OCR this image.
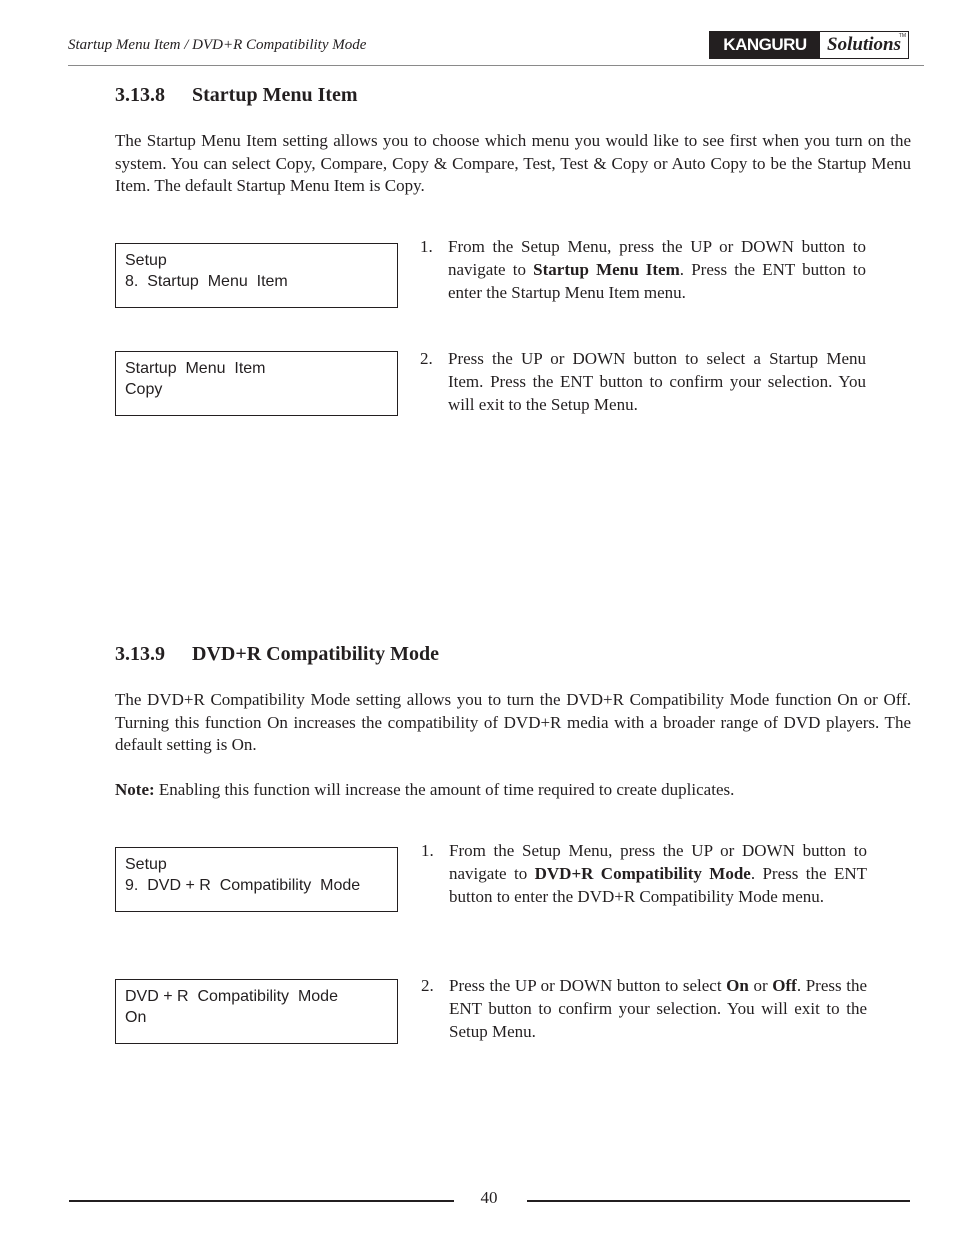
Startup Menu Item / DVD+R Compatibility Mode	KANGURU	Solutions
TM
3.13.8 Startup Menu Item

The Startup Menu Item setting allows you to choose which menu you would like to see first when you turn on the system. You can select Copy, Compare, Copy & Compare, Test, Test & Copy or Auto Copy to be the Startup Menu Item. The default Startup Menu Item is Copy.

Setup
8.  Startup  Menu  Item
1. From the Setup Menu, press the UP or DOWN button to navigate to Startup Menu Item. Press the ENT button to enter the Startup Menu Item menu.
Startup  Menu  Item
Copy
2. Press the UP or DOWN button to select a Startup Menu Item. Press the ENT button to confirm your selection. You will exit to the Setup Menu.
3.13.9 DVD+R Compatibility Mode

The DVD+R Compatibility Mode setting allows you to turn the DVD+R Compatibility Mode function On or Off. Turning this function On increases the compatibility of DVD+R media with a broader range of DVD players. The default setting is On.

Note: Enabling this function will increase the amount of time required to create duplicates.

Setup
9.  DVD + R  Compatibility  Mode
1. From the Setup Menu, press the UP or DOWN button to navigate to DVD+R Compatibility Mode. Press the ENT button to enter the DVD+R Compatibility Mode menu.
DVD + R  Compatibility  Mode
On
2. Press the UP or DOWN button to select On or Off. Press the ENT button to confirm your selection. You will exit to the Setup Menu.
40
